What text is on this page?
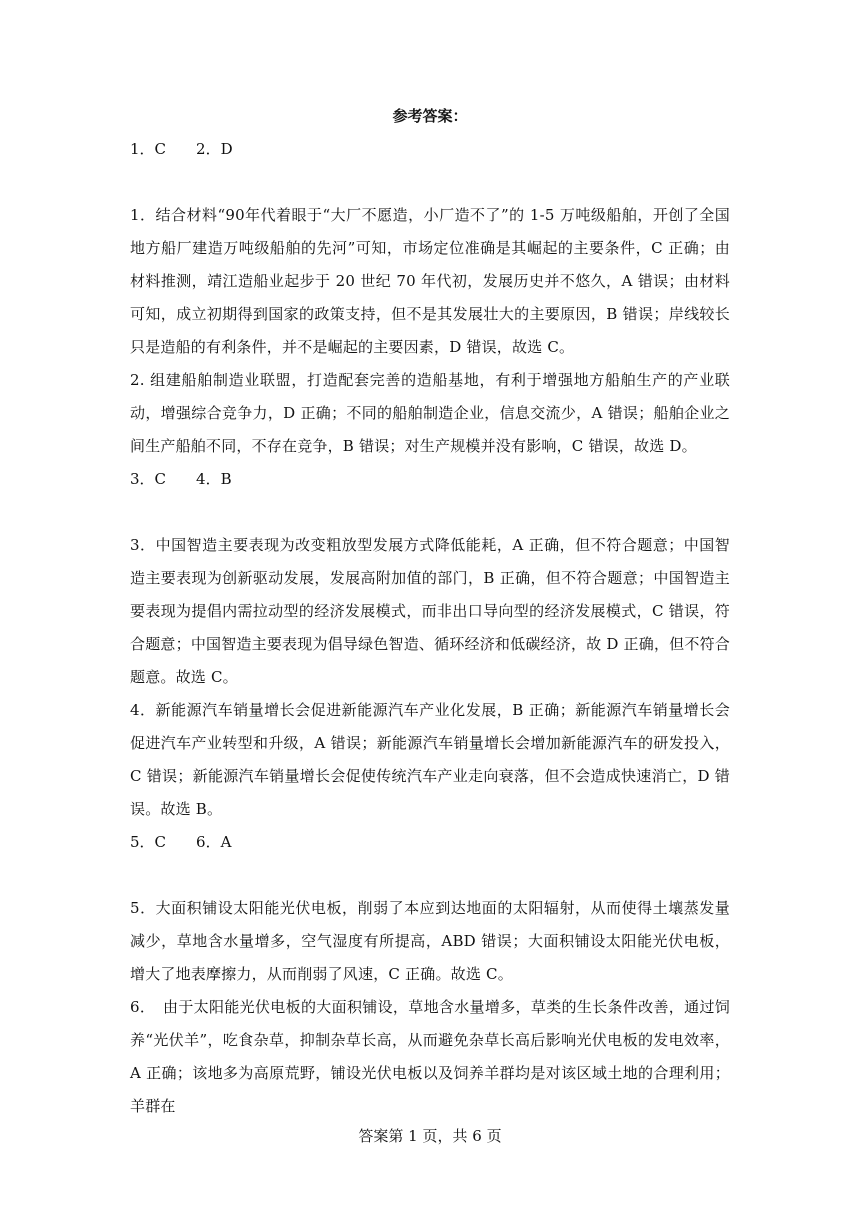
参考答案：
1．C　　2．D
1．结合材料“90年代着眼于“大厂不愿造，小厂造不了”的 1-5 万吨级船舶，开创了全国地方船厂建造万吨级船舶的先河”可知，市场定位准确是其崛起的主要条件，C 正确；由材料推测，靖江造船业起步于 20 世纪 70 年代初，发展历史并不悠久，A 错误；由材料可知，成立初期得到国家的政策支持，但不是其发展壮大的主要原因，B 错误；岸线较长只是造船的有利条件，并不是崛起的主要因素，D 错误，故选 C。
2. 组建船舶制造业联盟，打造配套完善的造船基地，有利于增强地方船舶生产的产业联动，增强综合竞争力，D 正确；不同的船舶制造企业，信息交流少，A 错误；船舶企业之间生产船舶不同，不存在竞争，B 错误；对生产规模并没有影响，C 错误，故选 D。
3．C　　4．B
3．中国智造主要表现为改变粗放型发展方式降低能耗，A 正确，但不符合题意；中国智造主要表现为创新驱动发展，发展高附加值的部门，B 正确，但不符合题意；中国智造主要表现为提倡内需拉动型的经济发展模式，而非出口导向型的经济发展模式，C 错误，符合题意；中国智造主要表现为倡导绿色智造、循环经济和低碳经济，故 D 正确，但不符合题意。故选 C。
4．新能源汽车销量增长会促进新能源汽车产业化发展，B 正确；新能源汽车销量增长会促进汽车产业转型和升级，A 错误；新能源汽车销量增长会增加新能源汽车的研发投入，C 错误；新能源汽车销量增长会促使传统汽车产业走向衰落，但不会造成快速消亡，D 错误。故选 B。
5．C　　6．A
5．大面积铺设太阳能光伏电板，削弱了本应到达地面的太阳辐射，从而使得土壤蒸发量减少，草地含水量增多，空气湿度有所提高，ABD 错误；大面积铺设太阳能光伏电板，增大了地表摩擦力，从而削弱了风速，C 正确。故选 C。
6．　由于太阳能光伏电板的大面积铺设，草地含水量增多，草类的生长条件改善，通过饲养“光伏羊”，吃食杂草，抑制杂草长高，从而避免杂草长高后影响光伏电板的发电效率，A 正确；该地多为高原荒野，铺设光伏电板以及饲养羊群均是对该区域土地的合理利用；羊群在
答案第 1 页，共 6 页
